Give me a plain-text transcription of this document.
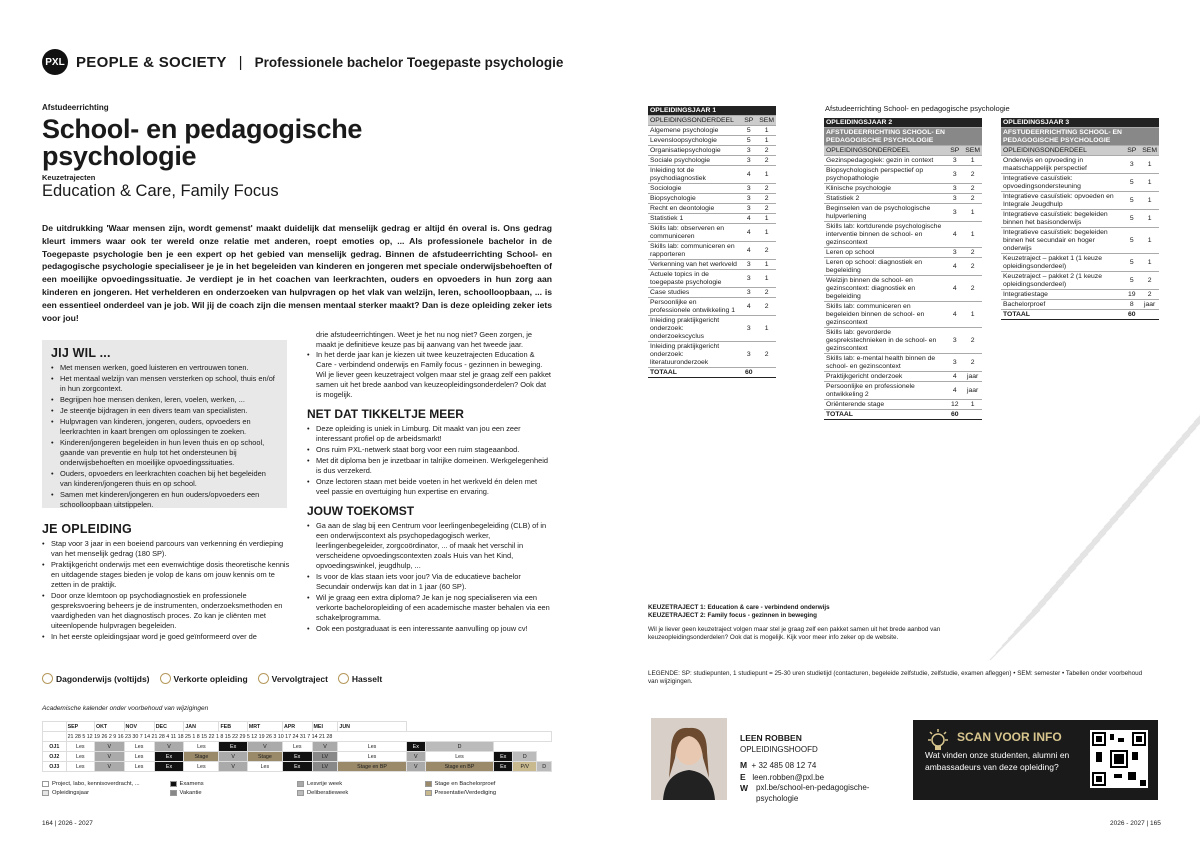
PXL PEOPLE & SOCIETY | Professionele bachelor Toegepaste psychologie
Afstudeerrichting
School- en pedagogische psychologie
Keuzetrajecten
Education & Care, Family Focus
De uitdrukking 'Waar mensen zijn, wordt gemenst' maakt duidelijk dat menselijk gedrag er altijd én overal is. Ons gedrag kleurt immers waar ook ter wereld onze relatie met anderen, roept emoties op, ... Als professionele bachelor in de Toegepaste psychologie ben je een expert op het gebied van menselijk gedrag. Binnen de afstudeerrichting School- en pedagogische psychologie specialiseer je je in het begeleiden van kinderen en jongeren met speciale onderwijsbehoeften of een moeilijke opvoedingssituatie. Je verdiept je in het coachen van leerkrachten, ouders en opvoeders in hun zorg aan kinderen en jongeren. Het verhelderen en onderzoeken van hulpvragen op het vlak van welzijn, leren, schoolloopbaan, ... is een essentieel onderdeel van je job. Wil jij de coach zijn die mensen mentaal sterker maakt? Dan is deze opleiding zeker iets voor jou!
JIJ WIL ...
• Met mensen werken, goed luisteren en vertrouwen tonen.
• Het mentaal welzijn van mensen versterken op school, thuis en/of in hun zorgcontext.
• Begrijpen hoe mensen denken, leren, voelen, werken, ...
• Je steentje bijdragen in een divers team van specialisten.
• Hulpvragen van kinderen, jongeren, ouders, opvoeders en leerkrachten in kaart brengen om oplossingen te zoeken.
• Kinderen/jongeren begeleiden in hun leven thuis en op school, gaande van preventie en hulp tot het ondersteunen bij onderwijsbehoeften en moeilijke opvoedingssituaties.
• Ouders, opvoeders en leerkrachten coachen bij het begeleiden van kinderen/jongeren thuis en op school.
• Samen met kinderen/jongeren en hun ouders/opvoeders een schoolloopbaan uitstippelen.
JE OPLEIDING
• Stap voor 3 jaar in een boeiend parcours van verkenning én verdieping van het menselijk gedrag (180 SP).
• Praktijkgericht onderwijs met een evenwichtige dosis theoretische kennis en uitdagende stages bieden je volop de kans om jouw kennis om te zetten in de praktijk.
• Door onze klemtoon op psychodiagnostiek en professionele gespreksvoering beheers je de instrumenten, onderzoeksmethoden en vaardigheden van het diagnostisch proces. Zo kan je cliënten met uiteenlopende hulpvragen begeleiden.
• In het eerste opleidingsjaar word je goed geïnformeerd over de
drie afstudeerrichtingen. Weet je het nu nog niet? Geen zorgen, je maakt je definitieve keuze pas bij aanvang van het tweede jaar.
• In het derde jaar kan je kiezen uit twee keuzetrajecten Education & Care - verbindend onderwijs en Family focus - gezinnen in beweging. Wil je liever geen keuzetraject volgen maar stel je graag zelf een pakket samen uit het brede aanbod van keuzeopleidingsonderdelen? Ook dat is mogelijk.
NET DAT TIKKELTJE MEER
• Deze opleiding is uniek in Limburg. Dit maakt van jou een zeer interessant profiel op de arbeidsmarkt!
• Ons ruim PXL-netwerk staat borg voor een ruim stageaanbod.
• Met dit diploma ben je inzetbaar in talrijke domeinen. Werkgelegenheid is dus verzekerd.
• Onze lectoren staan met beide voeten in het werkveld én delen met veel passie en overtuiging hun expertise en ervaring.
JOUW TOEKOMST
• Ga aan de slag bij een Centrum voor leerlingenbegeleiding (CLB) of in een onderwijscontext als psychopedagogisch werker, leerlingenbegeleider, zorgcoördinator, ... of maak het verschil in verscheidene opvoedingscontexten zoals Huis van het Kind, opvoedingswinkel, jeugdhulp, ...
• Is voor de klas staan iets voor jou? Via de educatieve bachelor Secundair onderwijs kan dat in 1 jaar (60 SP).
• Wil je graag een extra diploma? Je kan je nog specialiseren via een verkorte bacheloropleiding of een academische master behalen via een schakelprogramma.
• Ook een postgraduaat is een interessante aanvulling op jouw cv!
Dagonderwijs (voltijds)	Verkorte opleiding	Vervolgtraject	Hasselt
Academische kalender onder voorbehoud van wijzigingen
	SEP	OKT	NOV	DEC	JAN	FEB	MRT	APR	MEI	JUN					
	21 28 5 12 19 26 2 9 16 23 30 7 14 21 28 4 11 18 25 1 8 15 22 1 8 15 22 29 5 12 19 26 3 10 17 24 31 7 14 21 28														
OJ1	Les	V	Les	V	Les	Ex	V	Les	V	Les	Ex	D			
OJ2	Les	V	Les	Ex	Stage	V	Stage	Ex	LV	Les	V	Les	Ex	D	
OJ3	Les	V	Les	Ex	Les	V	Les	Ex	LV	Stage en BP	V	Stage en BP	Ex	P/V	D
Project, labo, kennisoverdracht, ...	Examens	Lesvrije week	Stage en Bachelorproef
Opleidingsjaar	Vakantie	Deliberatieweek	Presentatie/Verdediging
164 | 2026 - 2027	2026 - 2027 | 165
OPLEIDINGSJAAR 1		
OPLEIDINGSONDERDEEL	SP	SEM
Algemene psychologie	5	1
Levensloopsychologie	5	1
Organisatiepsychologie	3	2
Sociale psychologie	3	2
Inleiding tot de psychodiagnostiek	4	1
Sociologie	3	2
Biopsychologie	3	2
Recht en deontologie	3	2
Statistiek 1	4	1
Skills lab: observeren en communiceren	4	1
Skills lab: communiceren en rapporteren	4	2
Verkenning van het werkveld	3	1
Actuele topics in de toegepaste psychologie	3	1
Case studies	3	2
Persoonlijke en professionele ontwikkeling 1	4	2
Inleiding praktijkgericht onderzoek: onderzoekscyclus	3	1
Inleiding praktijkgericht onderzoek: literatuuronderzoek	3	2
TOTAAL	60	
Afstudeerrichting School- en pedagogische psychologie
OPLEIDINGSJAAR 2		
AFSTUDEERRICHTING SCHOOL- EN PEDAGOGISCHE PSYCHOLOGIE		
OPLEIDINGSONDERDEEL	SP	SEM
Gezinspedagogiek: gezin in context	3	1
Biopsychologisch perspectief op psychopathologie	3	2
Klinische psychologie	3	2
Statistiek 2	3	2
Beginselen van de psychologische hulpverlening	3	1
Skills lab: kortdurende psychologische interventie binnen de school- en gezinscontext	4	1
Leren op school	3	2
Leren op school: diagnostiek en begeleiding	4	2
Welzijn binnen de school- en gezinscontext: diagnostiek en begeleiding	4	2
Skills lab: communiceren en begeleiden binnen de school- en gezinscontext	4	1
Skills lab: gevorderde gesprekstechnieken in de school- en gezinscontext	3	2
Skills lab: e-mental health binnen de school- en gezinscontext	3	2
Praktijkgericht onderzoek	4	jaar
Persoonlijke en professionele ontwikkeling 2	4	jaar
Oriënterende stage	12	1
TOTAAL	60	
OPLEIDINGSJAAR 3		
AFSTUDEERRICHTING SCHOOL- EN PEDAGOGISCHE PSYCHOLOGIE		
OPLEIDINGSONDERDEEL	SP	SEM
Onderwijs en opvoeding in maatschappelijk perspectief	3	1
Integratieve casuïstiek: opvoedingsondersteuning	5	1
Integratieve casuïstiek: opvoeden en Integrale Jeugdhulp	5	1
Integratieve casuïstiek: begeleiden binnen het basisonderwijs	5	1
Integratieve casuïstiek: begeleiden binnen het secundair en hoger onderwijs	5	1
Keuzetraject – pakket 1 (1 keuze opleidingsonderdeel)	5	1
Keuzetraject – pakket 2 (1 keuze opleidingsonderdeel)	5	2
Integratiestage	19	2
Bachelorproef	8	jaar
TOTAAL	60	
KEUZETRAJECT 1: Education & care - verbindend onderwijs
KEUZETRAJECT 2: Family focus - gezinnen in beweging
Wil je liever geen keuzetraject volgen maar stel je graag zelf een pakket samen uit het brede aanbod van keuzeopleidingsonderdelen? Ook dat is mogelijk. Kijk voor meer info zeker op de website.
LEGENDE: SP: studiepunten, 1 studiepunt = 25-30 uren studietijd (contacturen, begeleide zelfstudie, zelfstudie, examen afleggen) • SEM: semester • Tabellen onder voorbehoud van wijzigingen.
LEEN ROBBEN
OPLEIDINGSHOOFD
M + 32 485 08 12 74
E leen.robben@pxl.be
W pxl.be/school-en-pedagogische-psychologie
SCAN VOOR INFO
Wat vinden onze studenten, alumni en ambassadeurs van deze opleiding?
